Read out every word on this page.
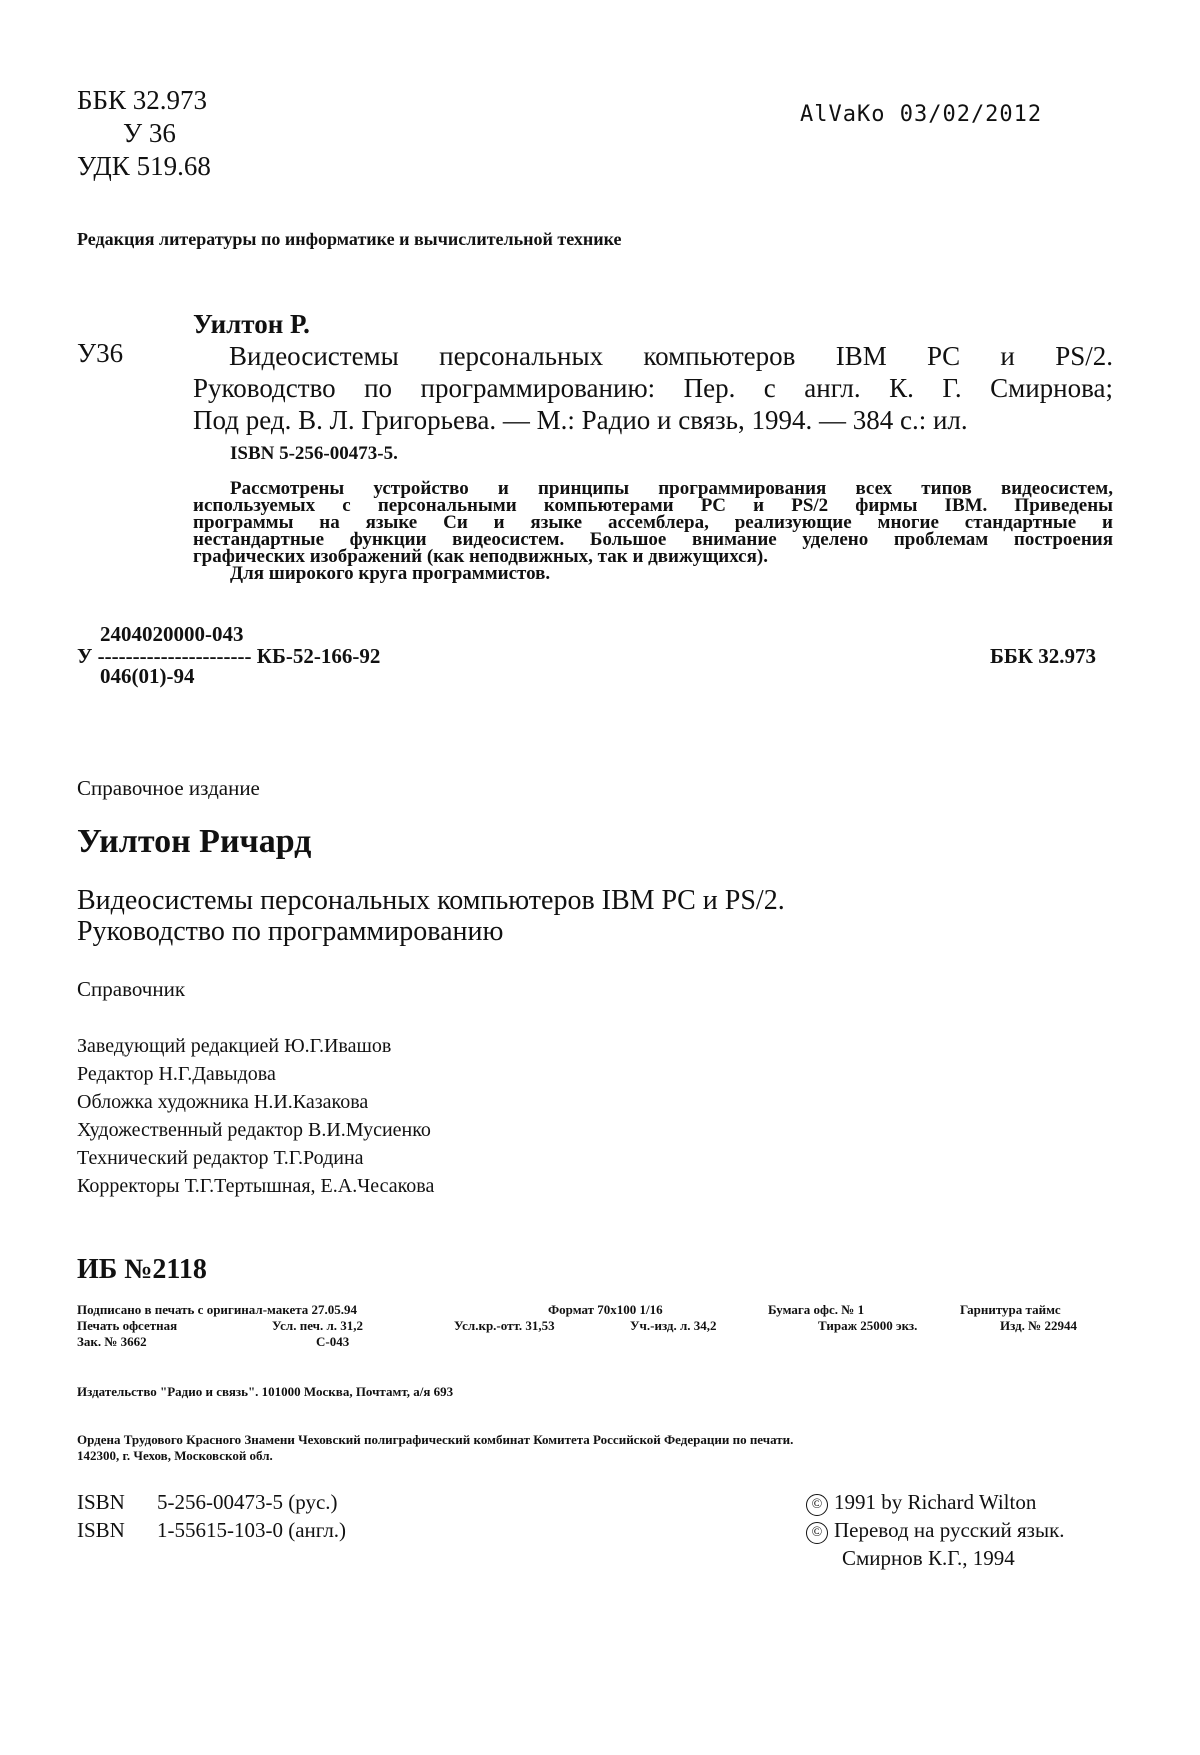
ББК 32.973
У 36
УДК 519.68
AlVaKo 03/02/2012
Редакция литературы по информатике и вычислительной технике
У36
Уилтон Р.
Видеосистемы персональных компьютеров IBM PC и PS/2.
Руководство по программированию: Пер. с англ. К. Г. Смирнова;
Под ред. В. Л. Григорьева. — М.: Радио и связь, 1994. — 384 с.: ил.
ISBN 5-256-00473-5.
Рассмотрены устройство и принципы программирования всех типов видеосистем,
используемых с персональными компьютерами PC и PS/2 фирмы IBM. Приведены
программы на языке Си и языке ассемблера, реализующие многие стандартные и
нестандартные функции видеосистем. Большое внимание уделено проблемам построения
графических изображений (как неподвижных, так и движущихся).
Для широкого круга программистов.
2404020000-043
У ---------------------- КБ-52-166-92
046(01)-94
ББК 32.973
Справочное издание
Уилтон Ричард
Видеосистемы персональных компьютеров IBM PC и PS/2.
Руководство по программированию
Справочник
Заведующий редакцией Ю.Г.Ивашов
Редактор Н.Г.Давыдова
Обложка художника Н.И.Казакова
Художественный редактор В.И.Мусиенко
Технический редактор Т.Г.Родина
Корректоры Т.Г.Тертышная, Е.А.Чесакова
ИБ №2118
Подписано в печать с оригинал-макета 27.05.94	Формат 70х100 1/16	Бумага офс. № 1	Гарнитура таймс
Печать офсетная	Усл. печ. л. 31,2	Усл.кр.-отт. 31,53	Уч.-изд. л. 34,2	Тираж 25000 экз.	Изд. № 22944
Зак. № 3662	С-043
Издательство "Радио и связь". 101000 Москва, Почтамт, а/я 693
Ордена Трудового Красного Знамени Чеховский полиграфический комбинат Комитета Российской Федерации по печати.
142300, г. Чехов, Московской обл.
ISBN 5-256-00473-5 (рус.)
ISBN 1-55615-103-0 (англ.)
© 1991 by Richard Wilton
© Перевод на русский язык.
Смирнов К.Г., 1994
